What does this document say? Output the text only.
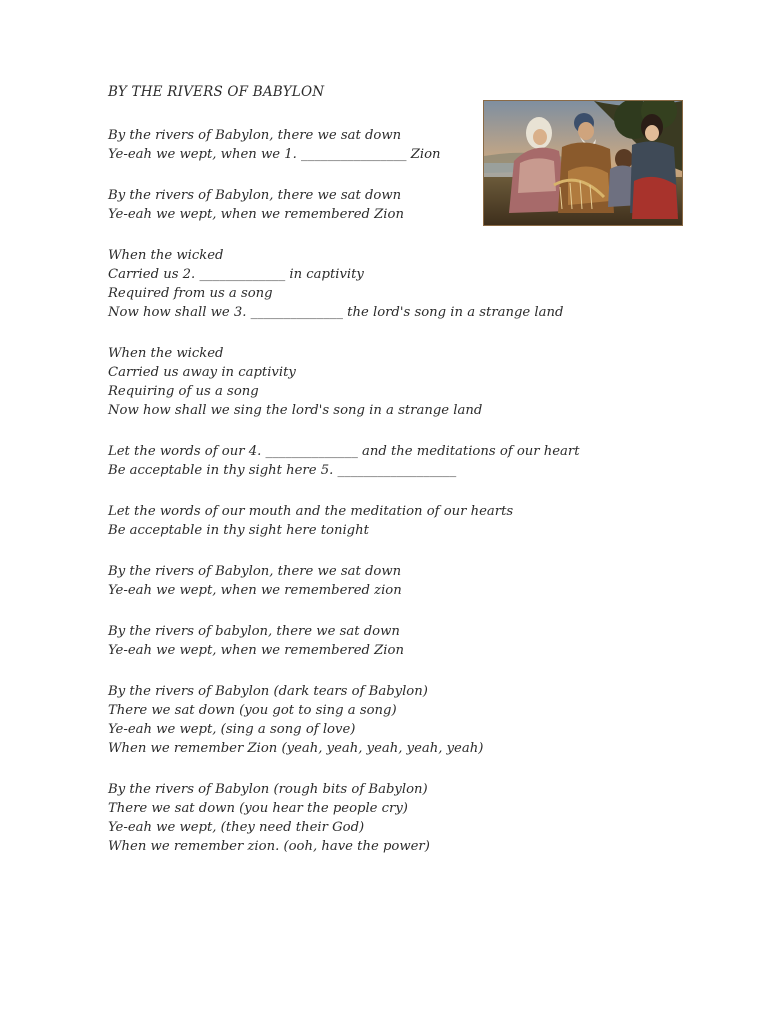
BY THE RIVERS OF BABYLON
By the rivers of Babylon, there we sat down
Ye-eah we wept, when we 1. ________________ Zion
By the rivers of Babylon, there we sat down
Ye-eah we wept, when we remembered Zion
When the wicked
Carried us 2. _____________ in captivity
Required from us a song
Now how shall we 3. ______________ the lord's song in a strange land
When the wicked
Carried us away in captivity
Requiring of us a song
Now how shall we sing the lord's song in a strange land
Let the words of our 4. ______________ and the meditations of our heart
Be acceptable in thy sight here 5. __________________
Let the words of our mouth and the meditation of our hearts
Be acceptable in thy sight here tonight
By the rivers of Babylon, there we sat down
Ye-eah we wept, when we remembered zion
By the rivers of babylon, there we sat down
Ye-eah we wept, when we remembered Zion
By the rivers of Babylon (dark tears of Babylon)
There we sat down (you got to sing a song)
Ye-eah we wept, (sing a song of love)
When we remember Zion (yeah, yeah, yeah, yeah, yeah)
By the rivers of Babylon (rough bits of Babylon)
There we sat down (you hear the people cry)
Ye-eah we wept, (they need their God)
When we remember zion. (ooh, have the power)
